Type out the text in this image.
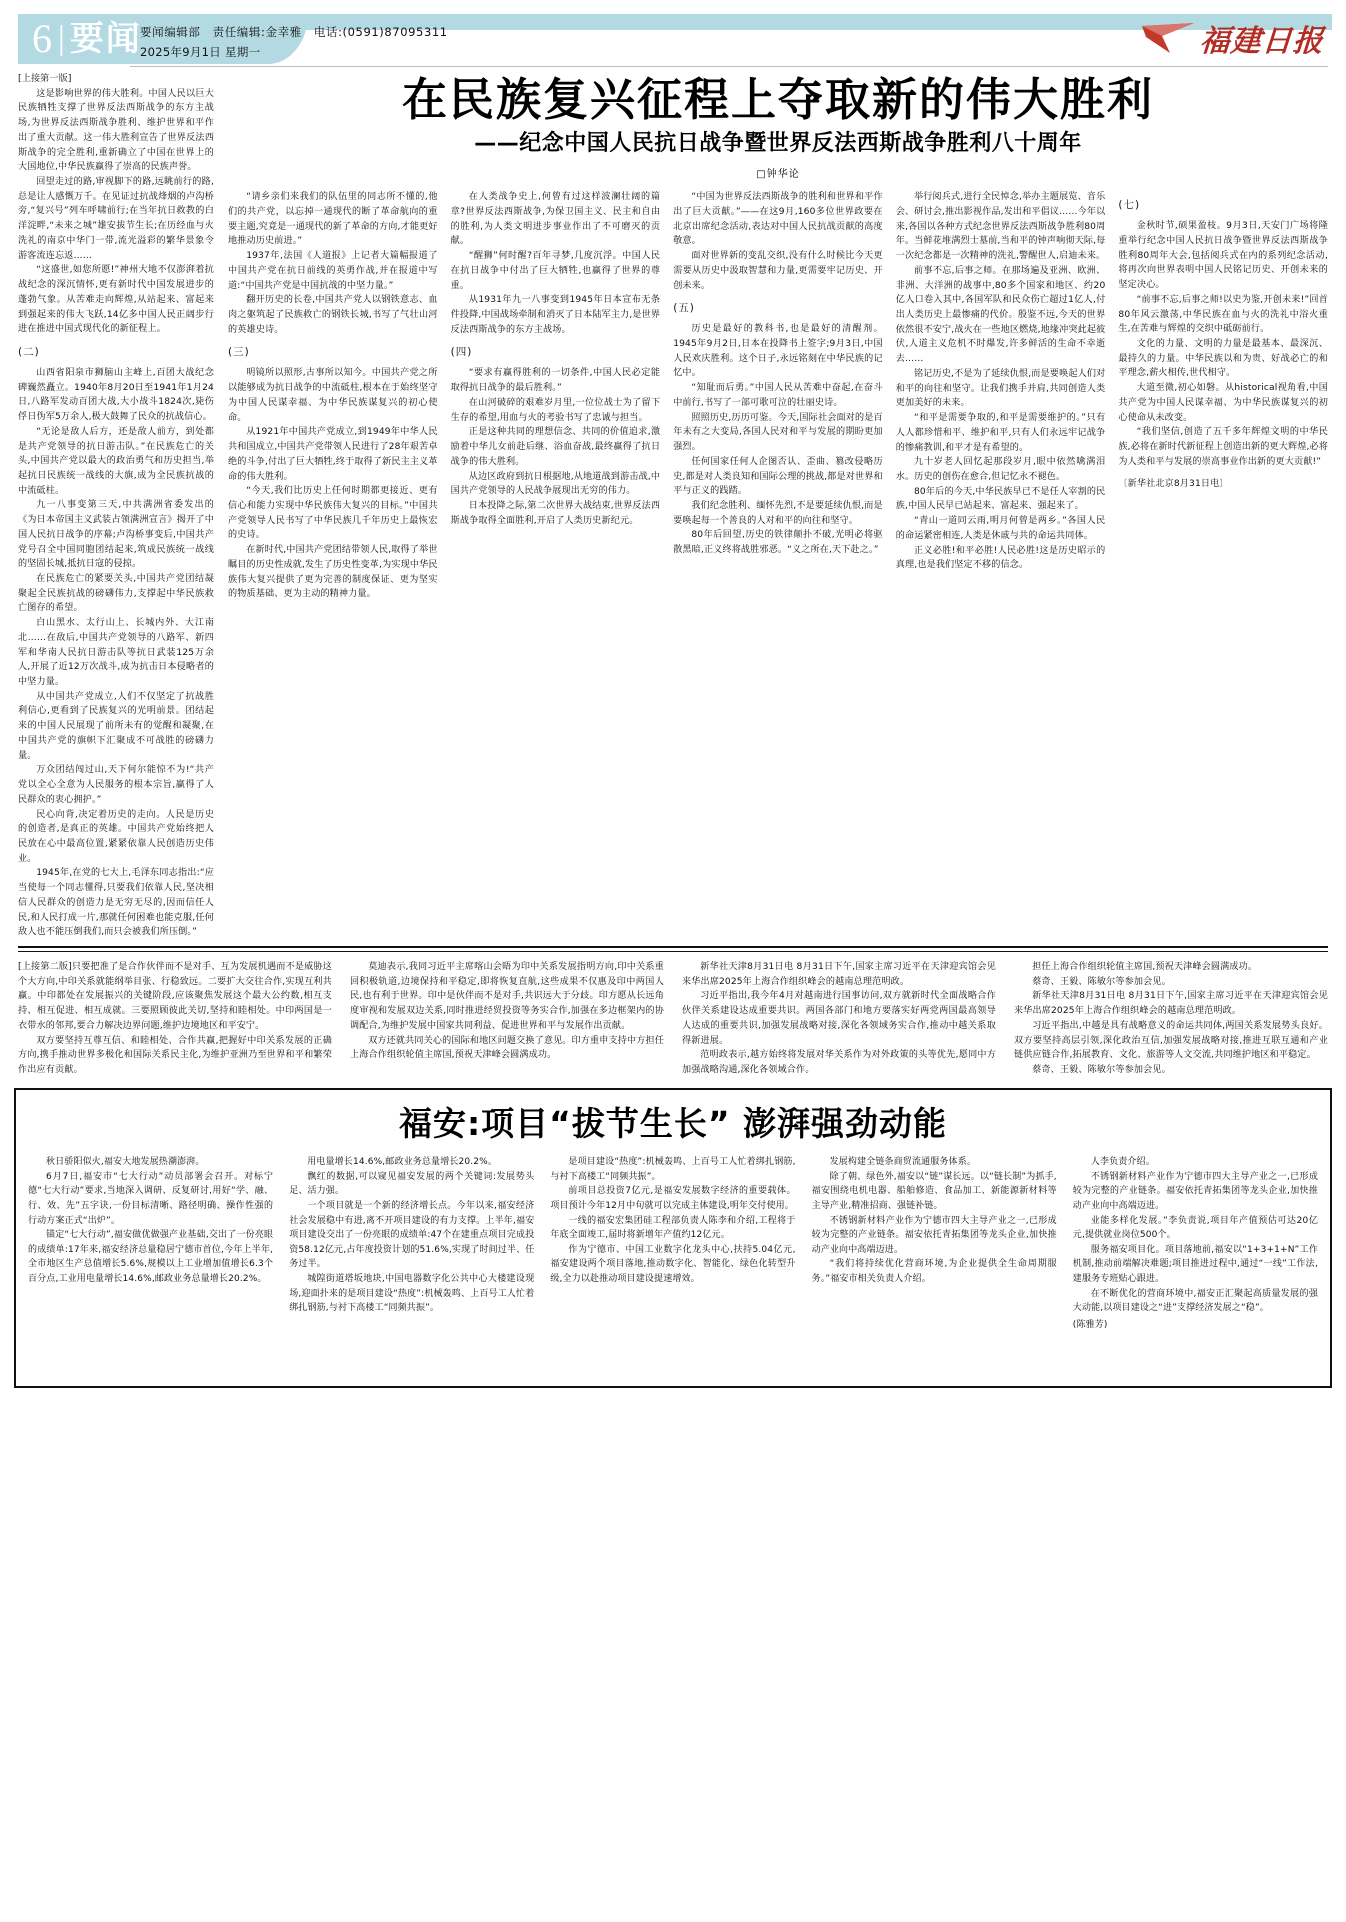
6 | 要闻
要闻编辑部　责任编辑:金幸雅　电话:(0591)87095311
2025年9月1日 星期一	福建日报

[上接第一版]

这是影响世界的伟大胜利。中国人民以巨大民族牺牲支撑了世界反法西斯战争的东方主战场,为世界反法西斯战争胜利、维护世界和平作出了重大贡献。这一伟大胜利宣告了世界反法西斯战争的完全胜利,重新确立了中国在世界上的大国地位,中华民族赢得了崇高的民族声誉。

回望走过的路,审视脚下的路,远眺前行的路,总是让人感慨万千。在见证过抗战烽烟的卢沟桥旁,“复兴号”列车呼啸前行;在当年抗日救教的白洋淀畔,“未来之城”雄安拔节生长;在历经血与火洗礼的南京中华门一带,流光溢彩的繁华景象令游客流连忘返……

“这盛世,如您所愿!”神州大地不仅澎湃着抗战纪念的深沉情怀,更有新时代中国发展进步的蓬勃气象。从苦难走向辉煌,从站起来、富起来到强起来的伟大飞跃,14亿多中国人民正阔步行进在推进中国式现代化的新征程上。

(二)

山西省阳泉市狮脑山主峰上,百团大战纪念碑巍然矗立。1940年8月20日至1941年1月24日,八路军发动百团大战,大小战斗1824次,毙伤俘日伪军5万余人,极大鼓舞了民众的抗战信心。

“无论是敌人后方，还是敌人前方，到处都是共产党领导的抗日游击队。”在民族危亡的关头,中国共产党以最大的政治勇气和历史担当,举起抗日民族统一战线的大旗,成为全民族抗战的中流砥柱。

九一八事变第三天,中共满洲省委发出的《为日本帝国主义武装占领满洲宣言》揭开了中国人民抗日战争的序幕;卢沟桥事变后,中国共产党号召全中国同胞团结起来,筑成民族统一战线的坚固长城,抵抗日寇的侵掠。

在民族危亡的紧要关头,中国共产党团结凝聚起全民族抗战的磅礴伟力,支撑起中华民族救亡图存的希望。

白山黑水、太行山上、长城内外、大江南北……在敌后,中国共产党领导的八路军、新四军和华南人民抗日游击队等抗日武装125万余人,开展了近12万次战斗,成为抗击日本侵略者的中坚力量。

从中国共产党成立,人们不仅坚定了抗战胜利信心,更看到了民族复兴的光明前景。团结起来的中国人民展现了前所未有的觉醒和凝聚,在中国共产党的旗帜下汇聚成不可战胜的磅礴力量。

万众团结闯过山,天下何尔能惊不为!“共产党以全心全意为人民服务的根本宗旨,赢得了人民群众的衷心拥护。”

民心向背,决定着历史的走向。人民是历史的创造者,是真正的英雄。中国共产党始终把人民放在心中最高位置,紧紧依靠人民创造历史伟业。

1945年,在党的七大上,毛泽东同志指出:“应当使每一个同志懂得,只要我们依靠人民,坚决相信人民群众的创造力是无穷无尽的,因而信任人民,和人民打成一片,那就任何困难也能克服,任何敌人也不能压倒我们,而只会被我们所压倒。”

在民族复兴征程上夺取新的伟大胜利
——纪念中国人民抗日战争暨世界反法西斯战争胜利八十周年
□钟华论

“请乡亲们来我们的队伍里的同志所不懂的,他们的共产党，以忘掉一通现代的断了革命航向的重要主题,究竟是一通现代的新了革命的方向,才能更好地推动历史前进。”

1937年,法国《人道报》上记者大篇幅报道了中国共产党在抗日前线的英勇作战,并在报道中写道:“中国共产党是中国抗战的中坚力量。”

翻开历史的长卷,中国共产党人以钢铁意志、血肉之躯筑起了民族救亡的钢铁长城,书写了气壮山河的英雄史诗。

(三)

明镜所以照形,古事所以知今。中国共产党之所以能够成为抗日战争的中流砥柱,根本在于始终坚守为中国人民谋幸福、为中华民族谋复兴的初心使命。

从1921年中国共产党成立,到1949年中华人民共和国成立,中国共产党带领人民进行了28年艰苦卓绝的斗争,付出了巨大牺牲,终于取得了新民主主义革命的伟大胜利。

“今天,我们比历史上任何时期都更接近、更有信心和能力实现中华民族伟大复兴的目标。”中国共产党领导人民书写了中华民族几千年历史上最恢宏的史诗。

在新时代,中国共产党团结带领人民,取得了举世瞩目的历史性成就,发生了历史性变革,为实现中华民族伟大复兴提供了更为完善的制度保证、更为坚实的物质基础、更为主动的精神力量。

在人类战争史上,何曾有过这样波澜壮阔的篇章?世界反法西斯战争,为保卫国主义、民主和自由的胜利,为人类文明进步事业作出了不可磨灭的贡献。

“醒狮”何时醒?百年寻梦,几度沉浮。中国人民在抗日战争中付出了巨大牺牲,也赢得了世界的尊重。

从1931年九一八事变到1945年日本宣布无条件投降,中国战场牵制和消灭了日本陆军主力,是世界反法西斯战争的东方主战场。

(四)

“要求有赢得胜利的一切条件,中国人民必定能取得抗日战争的最后胜利。”

在山河破碎的艰难岁月里,一位位战士为了留下生存的希望,用血与火的考验书写了忠诚与担当。

正是这种共同的理想信念、共同的价值追求,激励着中华儿女前赴后继、浴血奋战,最终赢得了抗日战争的伟大胜利。

从边区政府到抗日根据地,从地道战到游击战,中国共产党领导的人民战争展现出无穷的伟力。

日本投降之际,第二次世界大战结束,世界反法西斯战争取得全面胜利,开启了人类历史新纪元。

“中国为世界反法西斯战争的胜利和世界和平作出了巨大贡献。”——在这9月,160多位世界政要在北京出席纪念活动,表达对中国人民抗战贡献的高度敬意。

面对世界新的变乱交织,没有什么时候比今天更需要从历史中汲取智慧和力量,更需要牢记历史、开创未来。

(五)

历史是最好的教科书,也是最好的清醒剂。1945年9月2日,日本在投降书上签字;9月3日,中国人民欢庆胜利。这个日子,永远铭刻在中华民族的记忆中。

“知耻而后勇。”中国人民从苦难中奋起,在奋斗中前行,书写了一部可歌可泣的壮丽史诗。

照照历史,历历可鉴。今天,国际社会面对的是百年未有之大变局,各国人民对和平与发展的期盼更加强烈。

任何国家任何人企图否认、歪曲、篡改侵略历史,都是对人类良知和国际公理的挑战,都是对世界和平与正义的践踏。

我们纪念胜利、缅怀先烈,不是要延续仇恨,而是要唤起每一个善良的人对和平的向往和坚守。

80年后回望,历史的铁律颠扑不破,光明必将驱散黑暗,正义终将战胜邪恶。“义之所在,天下赴之。”

举行阅兵式,进行全民悼念,举办主题展览、音乐会、研讨会,推出影视作品,发出和平倡议……今年以来,各国以各种方式纪念世界反法西斯战争胜利80周年。当鲜花堆满烈士墓前,当和平的钟声响彻天际,每一次纪念都是一次精神的洗礼,警醒世人,启迪未来。

前事不忘,后事之师。在那场遍及亚洲、欧洲、非洲、大洋洲的战事中,80多个国家和地区、约20亿人口卷入其中,各国军队和民众伤亡超过1亿人,付出人类历史上最惨痛的代价。殷鉴不远,今天的世界依然很不安宁,战火在一些地区燃烧,地缘冲突此起彼伏,人道主义危机不时爆发,许多鲜活的生命不幸逝去……

铭记历史,不是为了延续仇恨,而是要唤起人们对和平的向往和坚守。让我们携手并肩,共同创造人类更加美好的未来。

“和平是需要争取的,和平是需要维护的。”只有人人都珍惜和平、维护和平,只有人们永远牢记战争的惨痛教训,和平才是有希望的。

九十岁老人回忆起那段岁月,眼中依然噙满泪水。历史的创伤在愈合,但记忆永不褪色。

80年后的今天,中华民族早已不是任人宰割的民族,中国人民早已站起来、富起来、强起来了。

“青山一道同云雨,明月何曾是两乡。”各国人民的命运紧密相连,人类是休戚与共的命运共同体。

正义必胜!和平必胜!人民必胜!这是历史昭示的真理,也是我们坚定不移的信念。

(七)

金秋时节,硕果盈枝。9月3日,天安门广场将隆重举行纪念中国人民抗日战争暨世界反法西斯战争胜利80周年大会,包括阅兵式在内的系列纪念活动,将再次向世界表明中国人民铭记历史、开创未来的坚定决心。

“前事不忘,后事之师!以史为鉴,开创未来!”回首80年风云激荡,中华民族在血与火的洗礼中浴火重生,在苦难与辉煌的交织中砥砺前行。

文化的力量、文明的力量是最基本、最深沉、最持久的力量。中华民族以和为贵、好战必亡的和平理念,薪火相传,世代相守。

大道至微,初心如磐。从historical视角看,中国共产党为中国人民谋幸福、为中华民族谋复兴的初心使命从未改变。

“我们坚信,创造了五千多年辉煌文明的中华民族,必将在新时代新征程上创造出新的更大辉煌,必将为人类和平与发展的崇高事业作出新的更大贡献!”

〔新华社北京8月31日电〕

[上接第二版]只要把准了是合作伙伴而不是对手、互为发展机遇而不是威胁这个大方向,中印关系就能纲举目张、行稳致远。二要扩大交往合作,实现互利共赢。中印都处在发展振兴的关键阶段,应该聚焦发展这个最大公约数,相互支持、相互促进、相互成就。三要照顾彼此关切,坚持和睦相处。中印两国是一衣带水的邻邦,要合力解决边界问题,维护边境地区和平安宁。

双方要坚持互尊互信、和睦相处、合作共赢,把握好中印关系发展的正确方向,携手推动世界多极化和国际关系民主化,为维护亚洲乃至世界和平和繁荣作出应有贡献。

莫迪表示,我同习近平主席喀山会晤为印中关系发展指明方向,印中关系重回积极轨道,边境保持和平稳定,即将恢复直航,这些成果不仅惠及印中两国人民,也有利于世界。印中是伙伴而不是对手,共识远大于分歧。印方愿从长远角度审视和发展双边关系,同时推进经贸投资等务实合作,加强在多边框架内的协调配合,为维护发展中国家共同利益、促进世界和平与发展作出贡献。

双方还就共同关心的国际和地区问题交换了意见。印方重申支持中方担任上海合作组织轮值主席国,预祝天津峰会圆满成功。

新华社天津8月31日电 8月31日下午,国家主席习近平在天津迎宾馆会见来华出席2025年上海合作组织峰会的越南总理范明政。

习近平指出,我今年4月对越南进行国事访问,双方就新时代全面战略合作伙伴关系建设达成重要共识。两国各部门和地方要落实好两党两国最高领导人达成的重要共识,加强发展战略对接,深化各领域务实合作,推动中越关系取得新进展。

范明政表示,越方始终将发展对华关系作为对外政策的头等优先,愿同中方加强战略沟通,深化各领域合作。

担任上海合作组织轮值主席国,预祝天津峰会圆满成功。

蔡奇、王毅、陈敏尔等参加会见。

新华社天津8月31日电 8月31日下午,国家主席习近平在天津迎宾馆会见来华出席2025年上海合作组织峰会的越南总理范明政。

习近平指出,中越是具有战略意义的命运共同体,两国关系发展势头良好。双方要坚持高层引领,深化政治互信,加强发展战略对接,推进互联互通和产业链供应链合作,拓展教育、文化、旅游等人文交流,共同维护地区和平稳定。

蔡奇、王毅、陈敏尔等参加会见。

福安:项目“拔节生长” 澎湃强劲动能

秋日骄阳似火,福安大地发展热潮澎湃。

6月7日,福安市“七大行动”动员部署会召开。对标宁德“七大行动”要求,当地深入调研、反复研讨,用好“学、融、行、效、先”五字诀,一份目标清晰、路径明确、操作性强的行动方案正式“出炉”。

锚定“七大行动”,福安做优做强产业基础,交出了一份亮眼的成绩单:17年来,福安经济总量稳居宁德市首位,今年上半年,全市地区生产总值增长5.6%,规模以上工业增加值增长6.3个百分点,工业用电量增长14.6%,邮政业务总量增长20.2%。

用电量增长14.6%,邮政业务总量增长20.2%。

飘红的数据,可以窥见福安发展的两个关键词:发展势头足、活力强。

一个项目就是一个新的经济增长点。今年以来,福安经济社会发展稳中有进,离不开项目建设的有力支撑。上半年,福安项目建设交出了一份亮眼的成绩单:47个在建重点项目完成投资58.12亿元,占年度投资计划的51.6%,实现了时间过半、任务过半。

城隍街道塔坂地块,中国电器数字化公共中心大楼建设现场,迎面扑来的是项目建设“热度”:机械轰鸣、上百号工人忙着绑扎钢筋,与衬下高楼工“同频共振”。

是项目建设“热度”:机械轰鸣、上百号工人忙着绑扎钢筋,与衬下高楼工“同频共振”。

前项目总投资7亿元,是福安发展数字经济的重要载体。项目预计今年12月中旬就可以完成主体建设,明年交付使用。

一线的福安宏集团硅工程部负责人陈李和介绍,工程将于年底全面竣工,届时将新增年产值约12亿元。

作为宁德市、中国工业数字化龙头中心,扶持5.04亿元,福安建设两个项目落地,推动数字化、智能化、绿色化转型升级,全力以赴推动项目建设提速增效。

发展构建全链条商贸流通服务体系。

除了朝、绿色外,福安以“链”谋长远。以“链长制”为抓手,福安围绕电机电器、船舶修造、食品加工、新能源新材料等主导产业,精准招商、强链补链。

不锈钢新材料产业作为宁德市四大主导产业之一,已形成较为完整的产业链条。福安依托青拓集团等龙头企业,加快推动产业向中高端迈进。

“我们将持续优化营商环境,为企业提供全生命周期服务。”福安市相关负责人介绍。

人李负责介绍。

不锈钢新材料产业作为宁德市四大主导产业之一,已形成较为完整的产业链条。福安依托青拓集团等龙头企业,加快推动产业向中高端迈进。

业能多样化发展。”李负责说,项目年产值预估可达20亿元,提供就业岗位500个。

服务福安项目化。项目落地前,福安以“1+3+1+N”工作机制,推动前端解决难题;项目推进过程中,通过“一线”工作法,建服务专班贴心跟进。

在不断优化的营商环境中,福安正汇聚起高质量发展的强大动能,以项目建设之“进”支撑经济发展之“稳”。

(陈雅芳)
